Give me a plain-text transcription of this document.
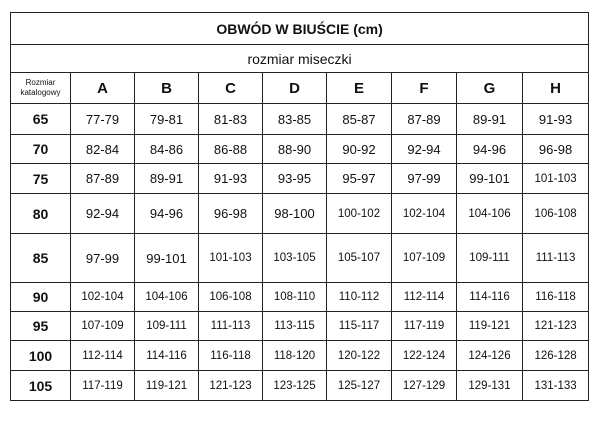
OBWÓD W BIUŚCIE (cm)								
rozmiar miseczki								
Rozmiar katalogowy	A	B	C	D	E	F	G	H
65	77-79	79-81	81-83	83-85	85-87	87-89	89-91	91-93
70	82-84	84-86	86-88	88-90	90-92	92-94	94-96	96-98
75	87-89	89-91	91-93	93-95	95-97	97-99	99-101	101-103
80	92-94	94-96	96-98	98-100	100-102	102-104	104-106	106-108
85	97-99	99-101	101-103	103-105	105-107	107-109	109-111	111-113
90	102-104	104-106	106-108	108-110	110-112	112-114	114-116	116-118
95	107-109	109-111	111-113	113-115	115-117	117-119	119-121	121-123
100	112-114	114-116	116-118	118-120	120-122	122-124	124-126	126-128
105	117-119	119-121	121-123	123-125	125-127	127-129	129-131	131-133
